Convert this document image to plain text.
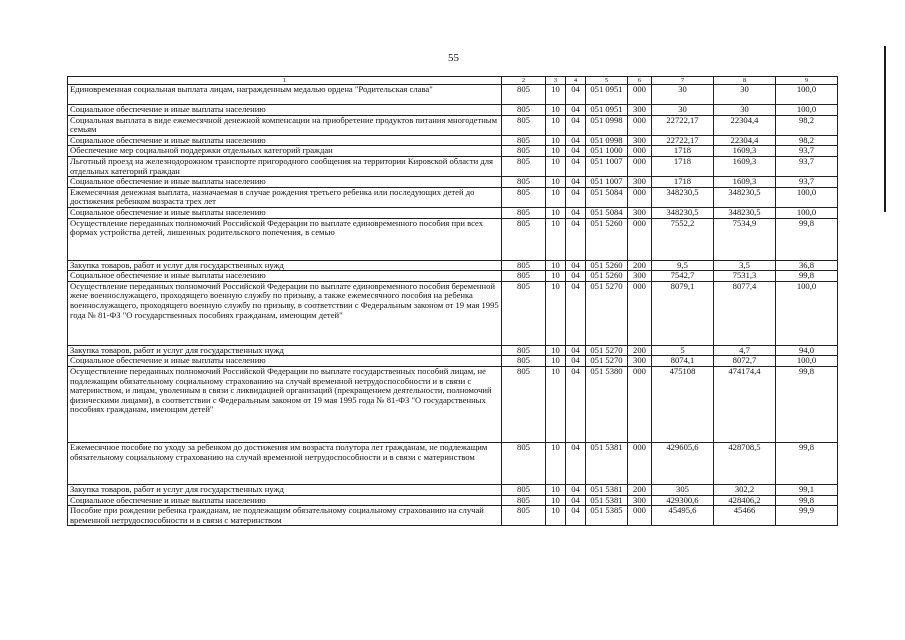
55
1	2	3	4	5	6	7	8	9
Единовременная социальная выплата лицам, награжденным медалью ордена "Родительская слава"	805	10	04	051 0951	000	30	30	100,0
Социальное обеспечение и иные выплаты населению	805	10	04	051 0951	300	30	30	100,0
Социальная выплата в виде ежемесячной денежной компенсации на приобретение продуктов питания многодетным семьям	805	10	04	051 0998	000	22722,17	22304,4	98,2
Социальное обеспечение и иные выплаты населению	805	10	04	051 0998	300	22722,17	22304,4	98,2
Обеспечение мер социальной поддержки отдельных категорий граждан	805	10	04	051 1000	000	1718	1609,3	93,7
Льготный проезд на железнодорожном транспорте пригородного сообщения на территории Кировской области для отдельных категорий граждан	805	10	04	051 1007	000	1718	1609,3	93,7
Социальное обеспечение и иные выплаты населению	805	10	04	051 1007	300	1718	1609,3	93,7
Ежемесячная денежная выплата, назначаемая в случае рождения третьего ребенка или последующих детей до достижения ребенком возраста трех лет	805	10	04	051 5084	000	348230,5	348230,5	100,0
Социальное обеспечение и иные выплаты населению	805	10	04	051 5084	300	348230,5	348230,5	100,0
Осуществление переданных полномочий Российской Федерации по выплате единовременного пособия при всех формах устройства детей, лишенных родительского попечения, в семью	805	10	04	051 5260	000	7552,2	7534,9	99,8
Закупка товаров, работ и услуг для государственных нужд	805	10	04	051 5260	200	9,5	3,5	36,8
Социальное обеспечение и иные выплаты населению	805	10	04	051 5260	300	7542,7	7531,3	99,8
Осуществление переданных полномочий Российской Федерации по выплате единовременного пособия беременной жене военнослужащего, проходящего военную службу по призыву, а также ежемесячного пособия на ребенка военнослужащего, проходящего военную службу по призыву, в соответствии с Федеральным законом от 19 мая 1995 года № 81-ФЗ "О государственных пособиях гражданам, имеющим детей"	805	10	04	051 5270	000	8079,1	8077,4	100,0
Закупка товаров, работ и услуг для государственных нужд	805	10	04	051 5270	200	5	4,7	94,0
Социальное обеспечение и иные выплаты населению	805	10	04	051 5270	300	8074,1	8072,7	100,0
Осуществление переданных полномочий Российской Федерации по выплате государственных пособий лицам, не подлежащим обязательному социальному страхованию на случай временной нетрудоспособности и в связи с материнством, и лицам, уволенным в связи с ликвидацией организаций (прекращением деятельности, полномочий физическими лицами), в соответствии с Федеральным законом от 19 мая 1995 года № 81-ФЗ "О государственных пособиях гражданам, имеющим детей"	805	10	04	051 5380	000	475108	474174,4	99,8
Ежемесячное пособие по уходу за ребенком до достижения им возраста полутора лет гражданам, не подлежащим обязательному социальному страхованию на случай временной нетрудоспособности и в связи с материнством	805	10	04	051 5381	000	429605,6	428708,5	99,8
Закупка товаров, работ и услуг для государственных нужд	805	10	04	051 5381	200	305	302,2	99,1
Социальное обеспечение и иные выплаты населению	805	10	04	051 5381	300	429300,6	428406,2	99,8
Пособие при рождении ребенка гражданам, не подлежащим обязательному социальному страхованию на случай временной нетрудоспособности и в связи с материнством	805	10	04	051 5385	000	45495,6	45466	99,9
